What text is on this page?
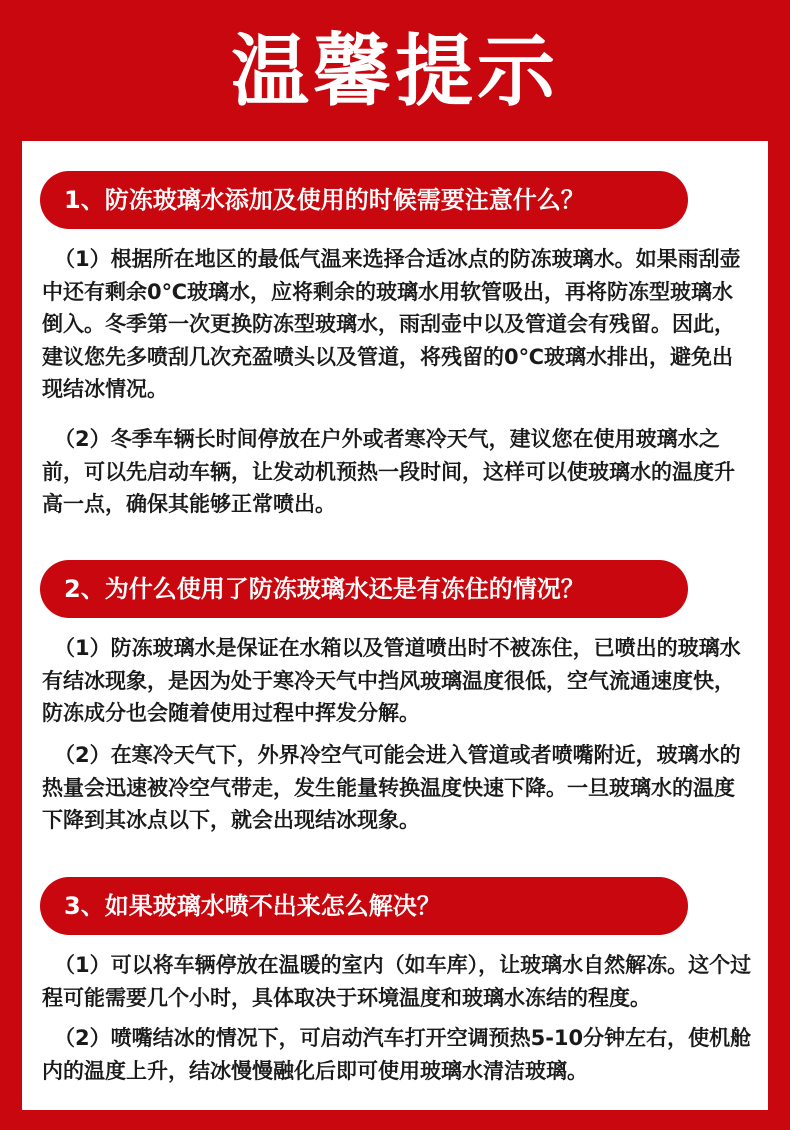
温馨提示
1、防冻玻璃水添加及使用的时候需要注意什么？

（1）根据所在地区的最低气温来选择合适冰点的防冻玻璃水。如果雨刮壶中还有剩余0℃玻璃水，应将剩余的玻璃水用软管吸出，再将防冻型玻璃水倒入。冬季第一次更换防冻型玻璃水，雨刮壶中以及管道会有残留。因此，建议您先多喷刮几次充盈喷头以及管道，将残留的0℃玻璃水排出，避免出现结冰情况。

（2）冬季车辆长时间停放在户外或者寒冷天气，建议您在使用玻璃水之前，可以先启动车辆，让发动机预热一段时间，这样可以使玻璃水的温度升高一点，确保其能够正常喷出。

2、为什么使用了防冻玻璃水还是有冻住的情况？

（1）防冻玻璃水是保证在水箱以及管道喷出时不被冻住，已喷出的玻璃水有结冰现象，是因为处于寒冷天气中挡风玻璃温度很低，空气流通速度快，防冻成分也会随着使用过程中挥发分解。

（2）在寒冷天气下，外界冷空气可能会进入管道或者喷嘴附近，玻璃水的热量会迅速被冷空气带走，发生能量转换温度快速下降。一旦玻璃水的温度下降到其冰点以下，就会出现结冰现象。

3、如果玻璃水喷不出来怎么解决？

（1）可以将车辆停放在温暖的室内（如车库），让玻璃水自然解冻。这个过程可能需要几个小时，具体取决于环境温度和玻璃水冻结的程度。

（2）喷嘴结冰的情况下，可启动汽车打开空调预热5-10分钟左右，使机舱内的温度上升，结冰慢慢融化后即可使用玻璃水清洁玻璃。
